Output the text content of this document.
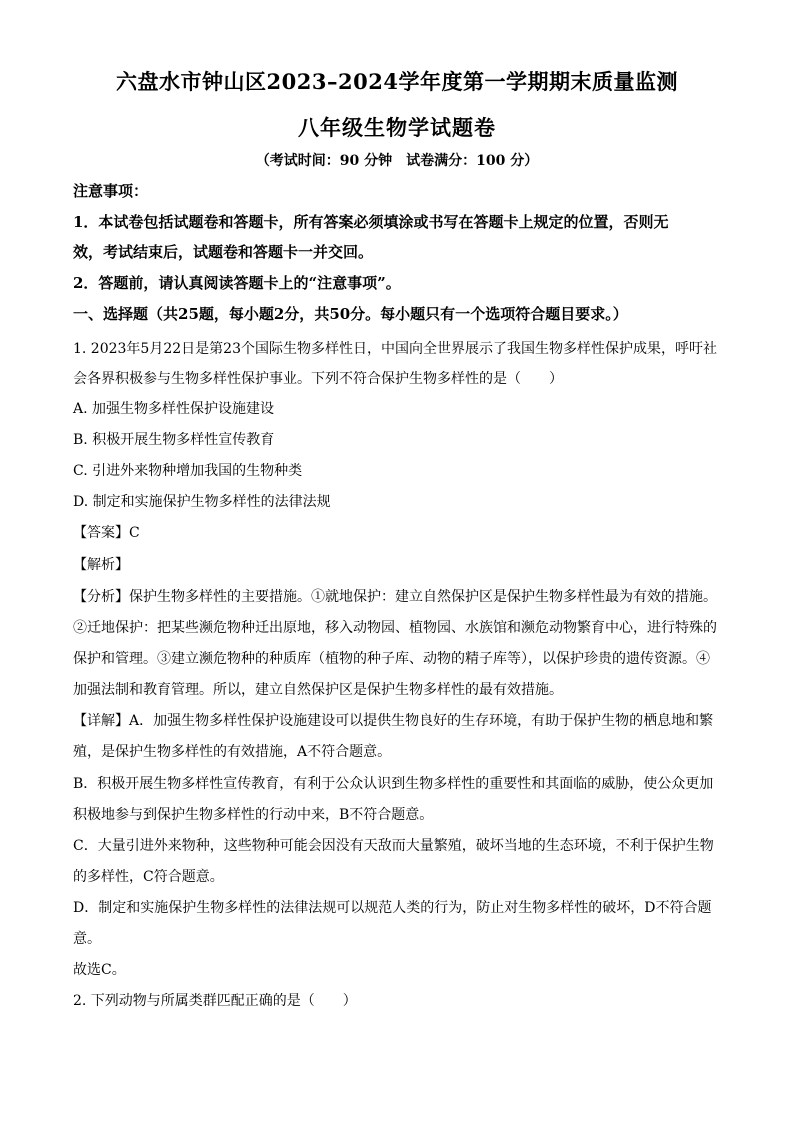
六盘水市钟山区2023–2024学年度第一学期期末质量监测
八年级生物学试题卷
（考试时间：90 分钟　试卷满分：100 分）
注意事项：
1．本试卷包括试题卷和答题卡，所有答案必须填涂或书写在答题卡上规定的位置，否则无
效，考试结束后，试题卷和答题卡一并交回。
2．答题前，请认真阅读答题卡上的“注意事项”。
一、选择题（共25题，每小题2分，共50分。每小题只有一个选项符合题目要求。）
1. 2023年5月22日是第23个国际生物多样性日，中国向全世界展示了我国生物多样性保护成果，呼吁社
会各界积极参与生物多样性保护事业。下列不符合保护生物多样性的是（　　）
A. 加强生物多样性保护设施建设
B. 积极开展生物多样性宣传教育
C. 引进外来物种增加我国的生物种类
D. 制定和实施保护生物多样性的法律法规
【答案】C
【解析】
【分析】保护生物多样性的主要措施。①就地保护：建立自然保护区是保护生物多样性最为有效的措施。
②迁地保护：把某些濒危物种迁出原地，移入动物园、植物园、水族馆和濒危动物繁育中心，进行特殊的
保护和管理。③建立濒危物种的种质库（植物的种子库、动物的精子库等），以保护珍贵的遗传资源。④
加强法制和教育管理。所以，建立自然保护区是保护生物多样性的最有效措施。
【详解】A．加强生物多样性保护设施建设可以提供生物良好的生存环境，有助于保护生物的栖息地和繁
殖，是保护生物多样性的有效措施，A不符合题意。
B．积极开展生物多样性宣传教育，有利于公众认识到生物多样性的重要性和其面临的威胁，使公众更加
积极地参与到保护生物多样性的行动中来，B不符合题意。
C．大量引进外来物种，这些物种可能会因没有天敌而大量繁殖，破坏当地的生态环境，不利于保护生物
的多样性，C符合题意。
D．制定和实施保护生物多样性的法律法规可以规范人类的行为，防止对生物多样性的破坏，D不符合题
意。
故选C。
2. 下列动物与所属类群匹配正确的是（　　）
